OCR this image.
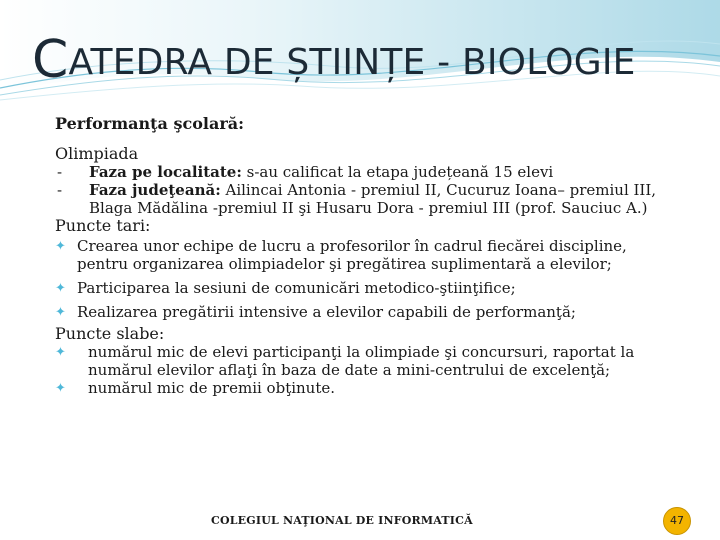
CATEDRA DE ȘTIINȚE - BIOLOGIE
Performanţa şcolară:
Olimpiada
- Faza pe localitate: s-au calificat la etapa județeană 15 elevi
- Faza judeţeană: Ailincai Antonia - premiul II, Cucuruz Ioana– premiul III,
Blaga Mădălina -premiul II şi Husaru Dora - premiul III (prof. Sauciuc A.)
Puncte tari:
✦ Crearea unor echipe de lucru a profesorilor în cadrul fiecărei discipline,
pentru organizarea olimpiadelor şi pregătirea suplimentară a elevilor;
✦ Participarea la sesiuni de comunicări metodico-ştiinţifice;
✦ Realizarea pregătirii intensive a elevilor capabili de performanţă;
Puncte slabe:
✦ numărul mic de elevi participanţi la olimpiade şi concursuri, raportat la
numărul elevilor aflaţi în baza de date a mini-centrului de excelenţă;
✦ numărul mic de premii obţinute.
COLEGIUL NAŢIONAL DE INFORMATICĂ	47
